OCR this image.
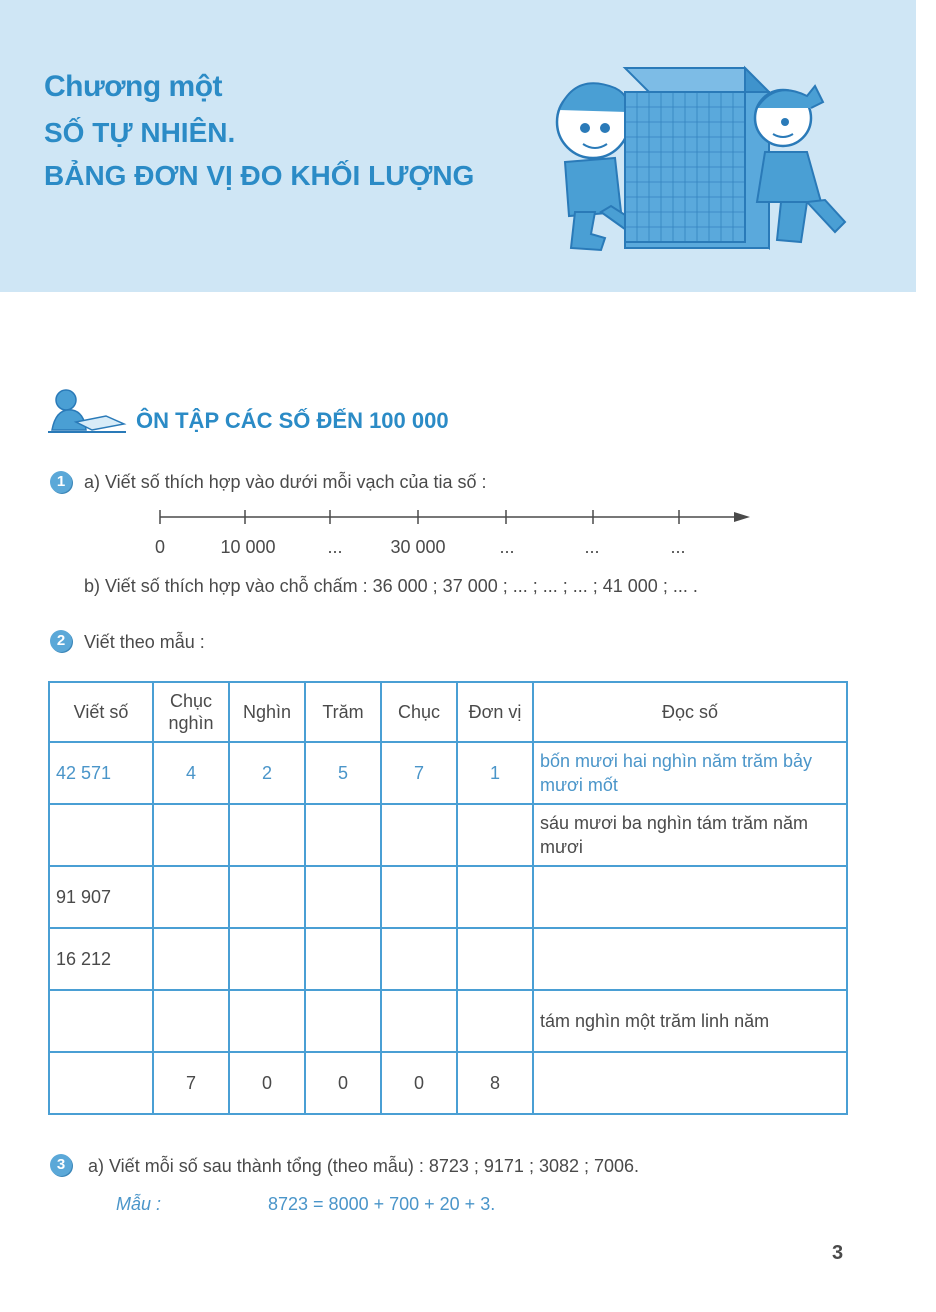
Chương một
SỐ TỰ NHIÊN.
BẢNG ĐƠN VỊ ĐO KHỐI LƯỢNG
ÔN TẬP CÁC SỐ ĐẾN 100 000
1	a) Viết số thích hợp vào dưới mỗi vạch của tia số :
0	10 000	...	30 000	...	...	...
b) Viết số thích hợp vào chỗ chấm : 36 000 ; 37 000 ; ... ; ... ; ... ; 41 000 ; ... .
2	Viết theo mẫu :
Viết số	Chục nghìn	Nghìn	Trăm	Chục	Đơn vị	Đọc số
42 571	4	2	5	7	1	bốn mươi hai nghìn năm trăm bảy mươi mốt
						sáu mươi ba nghìn tám trăm năm mươi
91 907						
16 212						
						tám nghìn một trăm linh năm
	7	0	0	0	8	
3	a) Viết mỗi số sau thành tổng (theo mẫu) : 8723 ; 9171 ; 3082 ; 7006.
Mẫu :	8723 = 8000 + 700 + 20 + 3.
3
